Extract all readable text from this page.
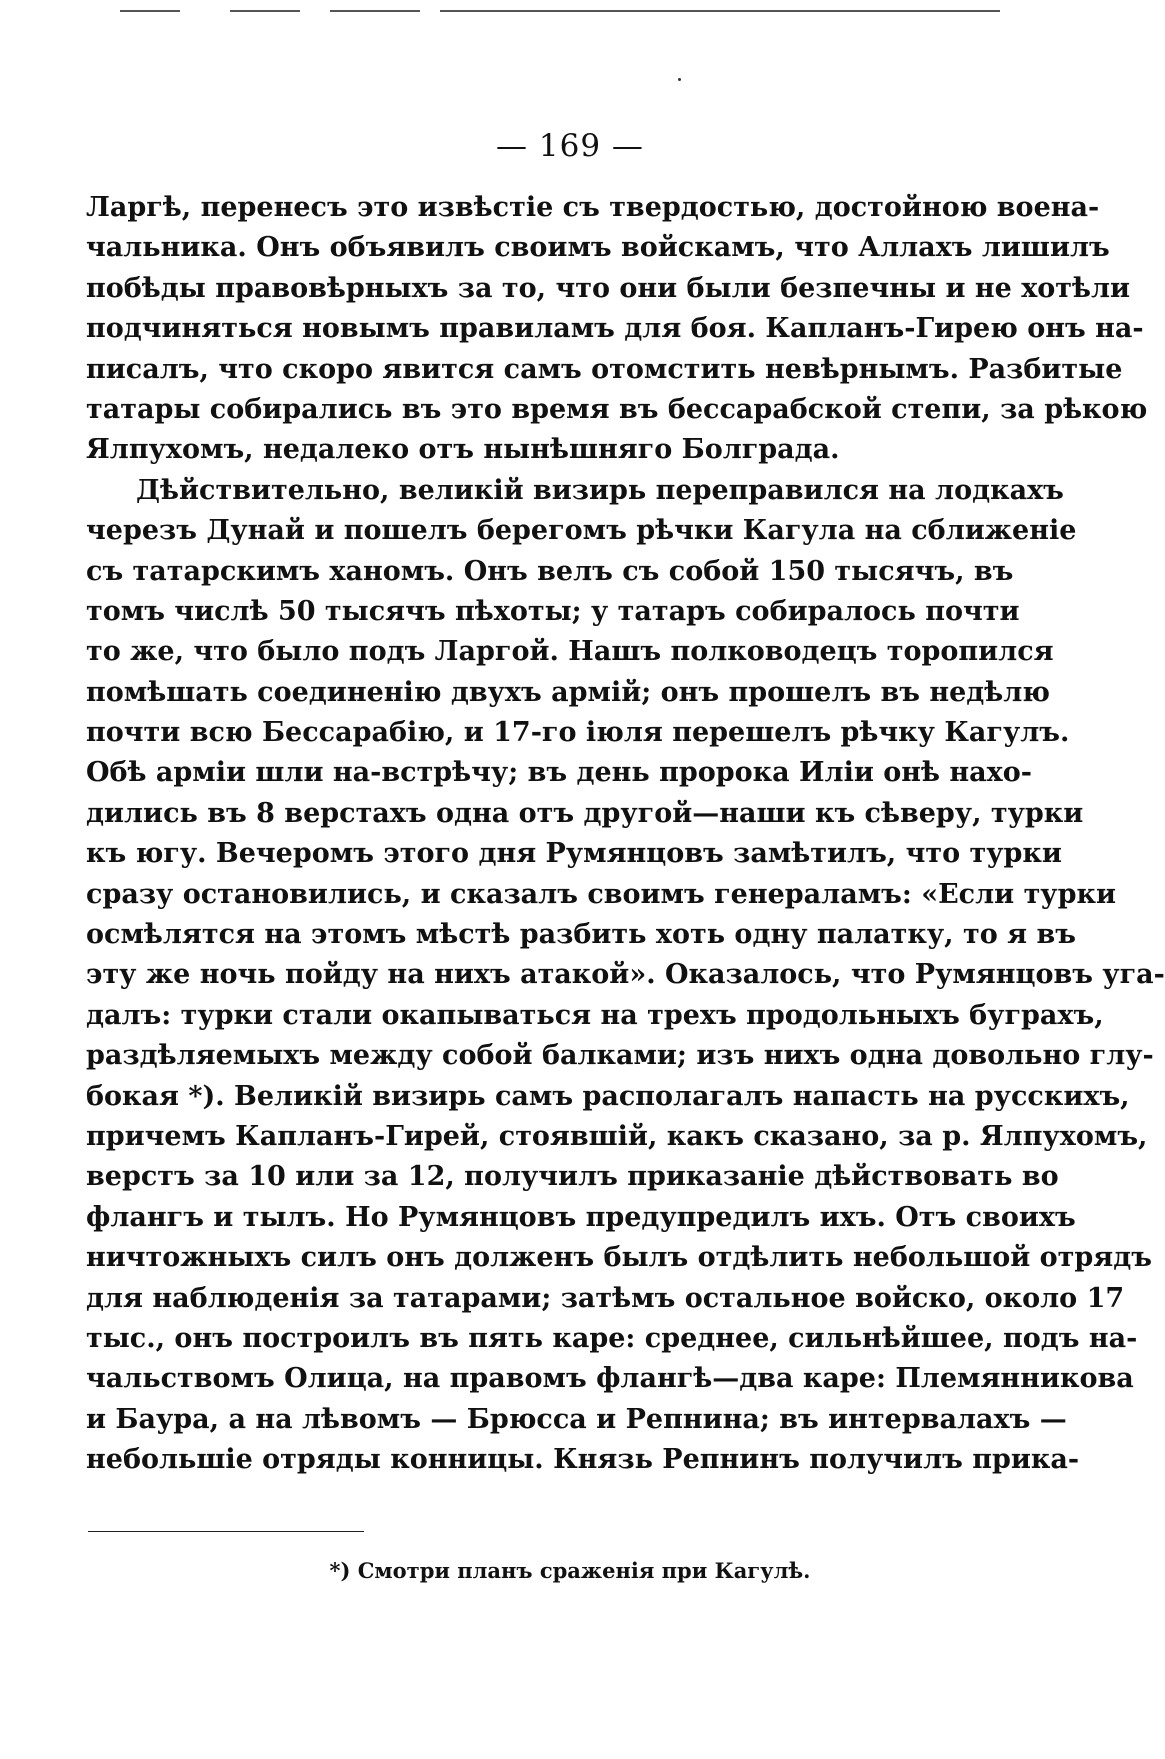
— 169 —
Ларгѣ, перенесъ это извѣстіе съ твердостью, достойною воена-
чальника. Онъ объявилъ своимъ войскамъ, что Аллахъ лишилъ
побѣды правовѣрныхъ за то, что они были безпечны и не хотѣли
подчиняться новымъ правиламъ для боя. Капланъ-Гирею онъ на-
писалъ, что скоро явится самъ отомстить невѣрнымъ. Разбитые
татары собирались въ это время въ бессарабской степи, за рѣкою
Ялпухомъ, недалеко отъ нынѣшняго Болграда.
Дѣйствительно, великій визирь переправился на лодкахъ
черезъ Дунай и пошелъ берегомъ рѣчки Кагула на сближеніе
съ татарскимъ ханомъ. Онъ велъ съ собой 150 тысячъ, въ
томъ числѣ 50 тысячъ пѣхоты; у татаръ собиралось почти
то же, что было подъ Ларгой. Нашъ полководецъ торопился
помѣшать соединенію двухъ армій; онъ прошелъ въ недѣлю
почти всю Бессарабію, и 17-го іюля перешелъ рѣчку Кагулъ.
Обѣ арміи шли на-встрѣчу; въ день пророка Иліи онѣ нахо-
дились въ 8 верстахъ одна отъ другой—наши къ сѣверу, турки
къ югу. Вечеромъ этого дня Румянцовъ замѣтилъ, что турки
сразу остановились, и сказалъ своимъ генераламъ: «Если турки
осмѣлятся на этомъ мѣстѣ разбить хоть одну палатку, то я въ
эту же ночь пойду на нихъ атакой». Оказалось, что Румянцовъ уга-
далъ: турки стали окапываться на трехъ продольныхъ буграхъ,
раздѣляемыхъ между собой балками; изъ нихъ одна довольно глу-
бокая *). Великій визирь самъ располагалъ напасть на русскихъ,
причемъ Капланъ-Гирей, стоявшій, какъ сказано, за р. Ялпухомъ,
верстъ за 10 или за 12, получилъ приказаніе дѣйствовать во
флангъ и тылъ. Но Румянцовъ предупредилъ ихъ. Отъ своихъ
ничтожныхъ силъ онъ долженъ былъ отдѣлить небольшой отрядъ
для наблюденія за татарами; затѣмъ остальное войско, около 17
тыс., онъ построилъ въ пять каре: среднее, сильнѣйшее, подъ на-
чальствомъ Олица, на правомъ флангѣ—два каре: Племянникова
и Баура, а на лѣвомъ — Брюсса и Репнина; въ интервалахъ —
небольшіе отряды конницы. Князь Репнинъ получилъ прика-
*) Смотри планъ сраженія при Кагулѣ.
